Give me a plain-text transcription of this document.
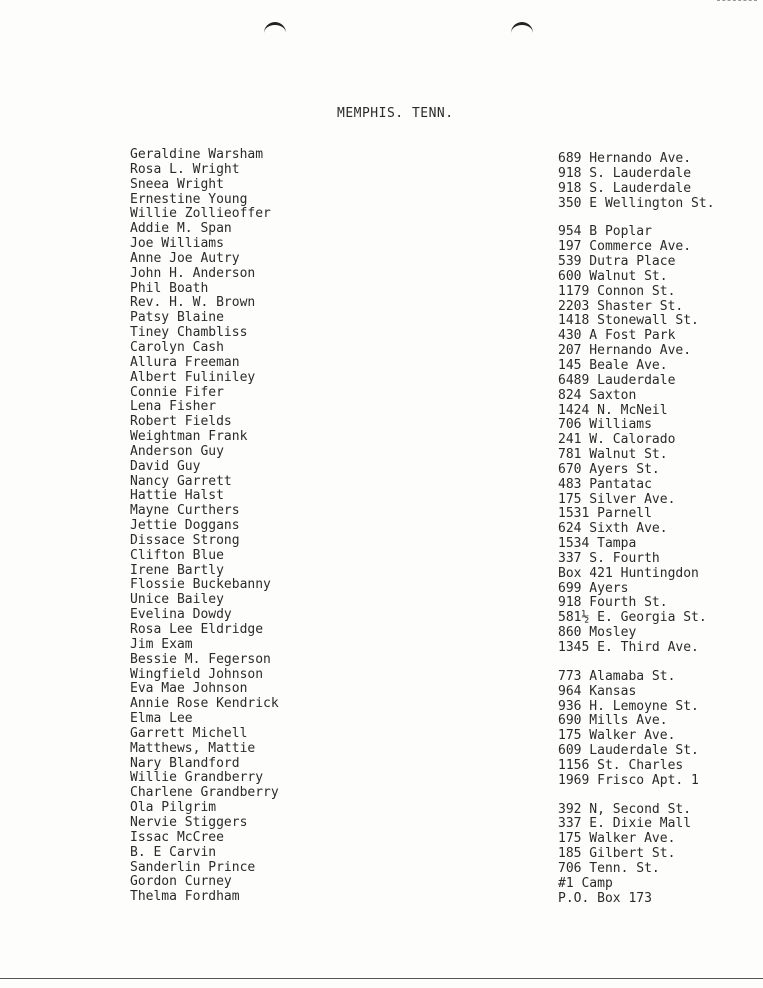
MEMPHIS. TENN.
Geraldine Warsham
Rosa L. Wright
Sneea Wright
Ernestine Young
Willie Zollieoffer
Addie M. Span
Joe Williams
Anne Joe Autry
John H. Anderson
Phil Boath
Rev. H. W. Brown
Patsy Blaine
Tiney Chambliss
Carolyn Cash
Allura Freeman
Albert Fuliniley
Connie Fifer
Lena Fisher
Robert Fields
Weightman Frank
Anderson Guy
David Guy
Nancy Garrett
Hattie Halst
Mayne Curthers
Jettie Doggans
Dissace Strong
Clifton Blue
Irene Bartly
Flossie Buckebanny
Unice Bailey
Evelina Dowdy
Rosa Lee Eldridge
Jim Exam
Bessie M. Fegerson
Wingfield Johnson
Eva Mae Johnson
Annie Rose Kendrick
Elma Lee
Garrett Michell
Matthews, Mattie
Nary Blandford
Willie Grandberry
Charlene Grandberry
Ola Pilgrim
Nervie Stiggers
Issac McCree
B. E Carvin
Sanderlin Prince
Gordon Curney
Thelma Fordham
689 Hernando Ave.
918 S. Lauderdale
918 S. Lauderdale
350 E Wellington St.
954 B Poplar
197 Commerce Ave.
539 Dutra Place
600 Walnut St.
1179 Connon St.
2203 Shaster St.
1418 Stonewall St.
430 A Fost Park
207 Hernando Ave.
145 Beale Ave.
6489 Lauderdale
824 Saxton
1424 N. McNeil
706 Williams
241 W. Calorado
781 Walnut St.
670 Ayers St.
483 Pantatac
175 Silver Ave.
1531 Parnell
624 Sixth Ave.
1534 Tampa
337 S. Fourth
Box 421 Huntingdon
699 Ayers
918 Fourth St.
581½ E. Georgia St.
860 Mosley
1345 E. Third Ave.
773 Alamaba St.
964 Kansas
936 H. Lemoyne St.
690 Mills Ave.
175 Walker Ave.
609 Lauderdale St.
1156 St. Charles
1969 Frisco Apt. 1
392 N, Second St.
337 E. Dixie Mall
175 Walker Ave.
185 Gilbert St.
706 Tenn. St.
#1 Camp
P.O. Box 173
